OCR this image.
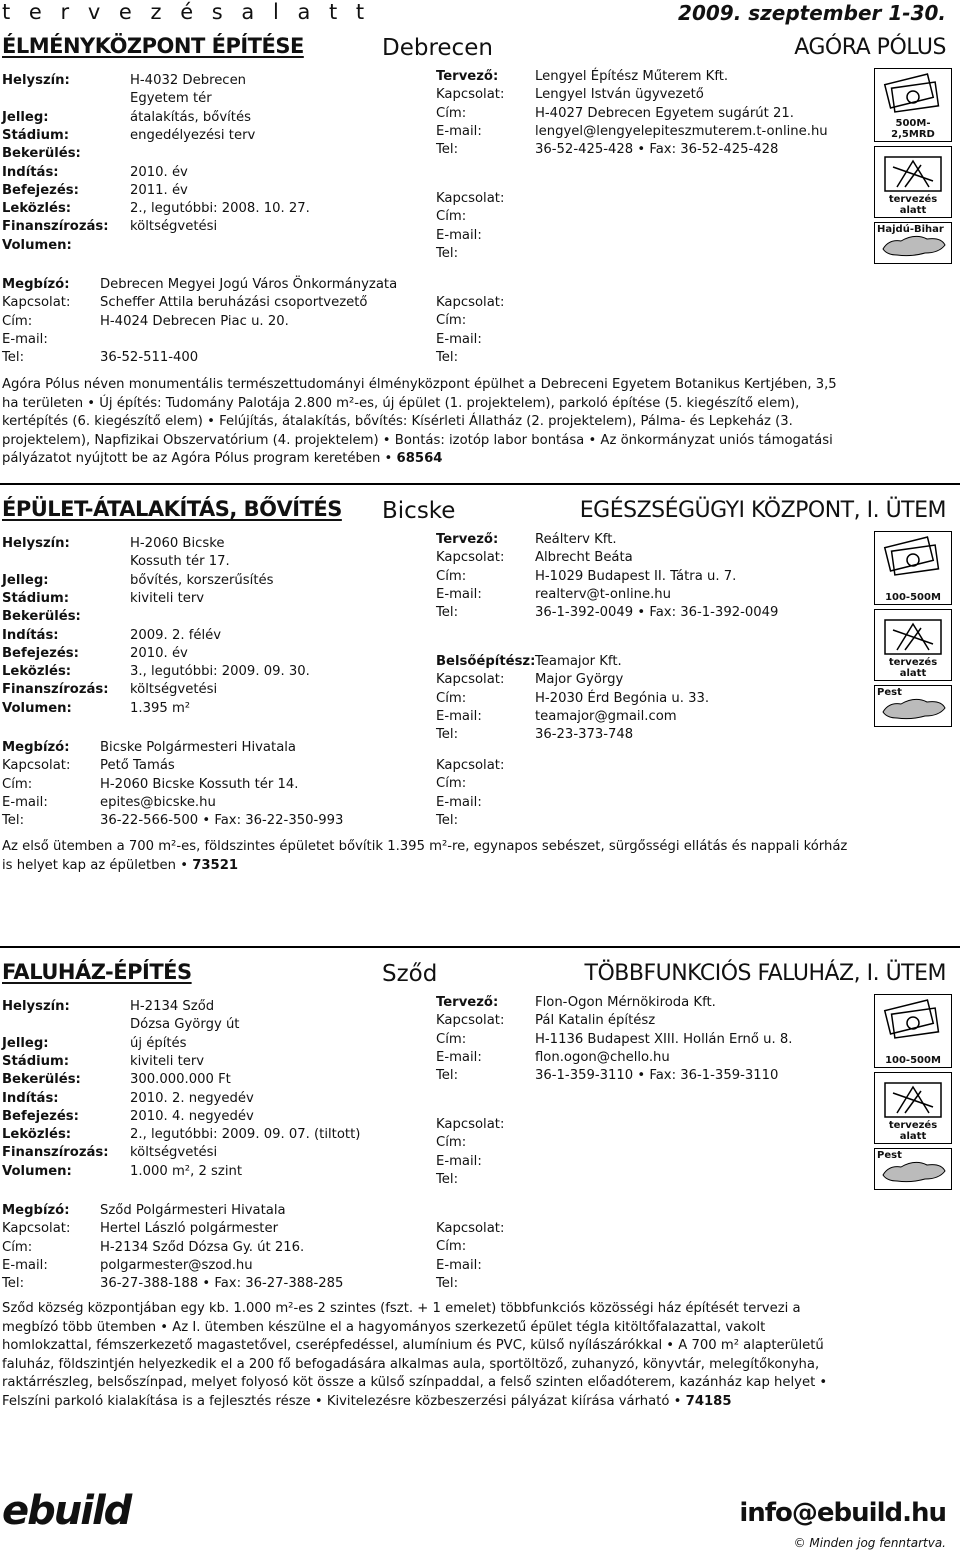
t e r v e z é s a l a t t	2009. szeptember 1-30.
ÉLMÉNYKÖZPONT ÉPÍTÉSE	Debrecen	AGÓRA PÓLUS
Helyszín:	H-4032 Debrecen
Egyetem tér
Jelleg:	átalakítás, bővítés
Stádium:	engedélyezési terv
Bekerülés:
Indítás:	2010. év
Befejezés:	2011. év
Leközlés:	2., legutóbbi: 2008. 10. 27.
Finanszírozás: költségvetési
Volumen:
Megbízó: Debrecen Megyei Jogú Város Önkormányzata
Kapcsolat: Scheffer Attila beruházási csoportvezető
Cím:	H-4024 Debrecen Piac u. 20.
E-mail:
Tel:	36-52-511-400
Tervező:	Lengyel Építész Műterem Kft.
Kapcsolat: Lengyel István ügyvezető
Cím:	H-4027 Debrecen Egyetem sugárút 21.
E-mail:	lengyel@lengyelepiteszmuterem.t-online.hu
Tel:	36-52-425-428 • Fax: 36-52-425-428
Kapcsolat:
Cím:
E-mail:
Tel:
Kapcsolat:
Cím:
E-mail:
Tel:
Agóra Pólus néven monumentális természettudományi élményközpont épülhet a Debreceni Egyetem Botanikus Kertjében, 3,5 ha területen • Új építés: Tudomány Palotája 2.800 m²-es, új épület (1. projektelem), parkoló építése (5. kiegészítő elem), kertépítés (6. kiegészítő elem) • Felújítás, átalakítás, bővítés: Kísérleti Állatház (2. projektelem), Pálma- és Lepkeház (3. projektelem), Napfizikai Obszervatórium (4. projektelem) • Bontás: izotóp labor bontása • Az önkormányzat uniós támogatási pályázatot nyújtott be az Agóra Pólus program keretében • 68564
500M-2,5MRD
tervezés alatt
Hajdú-Bihar
ÉPÜLET-ÁTALAKÍTÁS, BŐVÍTÉS Bicske	EGÉSZSÉGÜGYI KÖZPONT, I. ÜTEM
Helyszín:	H-2060 Bicske
Kossuth tér 17.
Jelleg:	bővítés, korszerűsítés
Stádium:	kiviteli terv
Bekerülés:
Indítás:	2009. 2. félév
Befejezés:	2010. év
Leközlés:	3., legutóbbi: 2009. 09. 30.
Finanszírozás: költségvetési
Volumen:	1.395 m²
Megbízó: Bicske Polgármesteri Hivatala
Kapcsolat: Pető Tamás
Cím:	H-2060 Bicske Kossuth tér 14.
E-mail:	epites@bicske.hu
Tel:	36-22-566-500 • Fax: 36-22-350-993
Tervező:	Reálterv Kft.
Kapcsolat: Albrecht Beáta
Cím:	H-1029 Budapest II. Tátra u. 7.
E-mail:	realterv@t-online.hu
Tel:	36-1-392-0049 • Fax: 36-1-392-0049
Belsőépítész:Teamajor Kft.
Kapcsolat: Major György
Cím:	H-2030 Érd Begónia u. 33.
E-mail:	teamajor@gmail.com
Tel:	36-23-373-748
Kapcsolat:
Cím:
E-mail:
Tel:
Az első ütemben a 700 m²-es, földszintes épületet bővítik 1.395 m²-re, egynapos sebészet, sürgősségi ellátás és nappali kórház is helyet kap az épületben • 73521
100-500M
tervezés alatt
Pest
FALUHÁZ-ÉPÍTÉS	Sződ	TÖBBFUNKCIÓS FALUHÁZ, I. ÜTEM
Helyszín:	H-2134 Sződ
Dózsa György út
Jelleg:	új építés
Stádium:	kiviteli terv
Bekerülés:	300.000.000 Ft
Indítás:	2010. 2. negyedév
Befejezés:	2010. 4. negyedév
Leközlés:	2., legutóbbi: 2009. 09. 07. (tiltott)
Finanszírozás: költségvetési
Volumen:	1.000 m², 2 szint
Megbízó: Sződ Polgármesteri Hivatala
Kapcsolat: Hertel László polgármester
Cím:	H-2134 Sződ Dózsa Gy. út 216.
E-mail:	polgarmester@szod.hu
Tel:	36-27-388-188 • Fax: 36-27-388-285
Tervező:	Flon-Ogon Mérnökiroda Kft.
Kapcsolat: Pál Katalin építész
Cím:	H-1136 Budapest XIII. Hollán Ernő u. 8.
E-mail:	flon.ogon@chello.hu
Tel:	36-1-359-3110 • Fax: 36-1-359-3110
Kapcsolat:
Cím:
E-mail:
Tel:
Kapcsolat:
Cím:
E-mail:
Tel:
Sződ község központjában egy kb. 1.000 m²-es 2 szintes (fszt. + 1 emelet) többfunkciós közösségi ház építését tervezi a megbízó több ütemben • Az I. ütemben készülne el a hagyományos szerkezetű épület tégla kitöltőfalazattal, vakolt homlokzattal, fémszerkezető magastetővel, cserépfedéssel, alumínium és PVC, külső nyílászárókkal • A 700 m² alapterületű faluház, földszintjén helyezkedik el a 200 fő befogadására alkalmas aula, sportöltöző, zuhanyzó, könyvtár, melegítőkonyha, raktárrészleg, belsőszínpad, melyet folyosó köt össze a külső színpaddal, a felső szinten előadóterem, kazánház kap helyet • Felszíni parkoló kialakítása is a fejlesztés része • Kivitelezésre közbeszerzési pályázat kiírása várható • 74185
100-500M
tervezés alatt
Pest
ebuild	info@ebuild.hu
© Minden jog fenntartva.
